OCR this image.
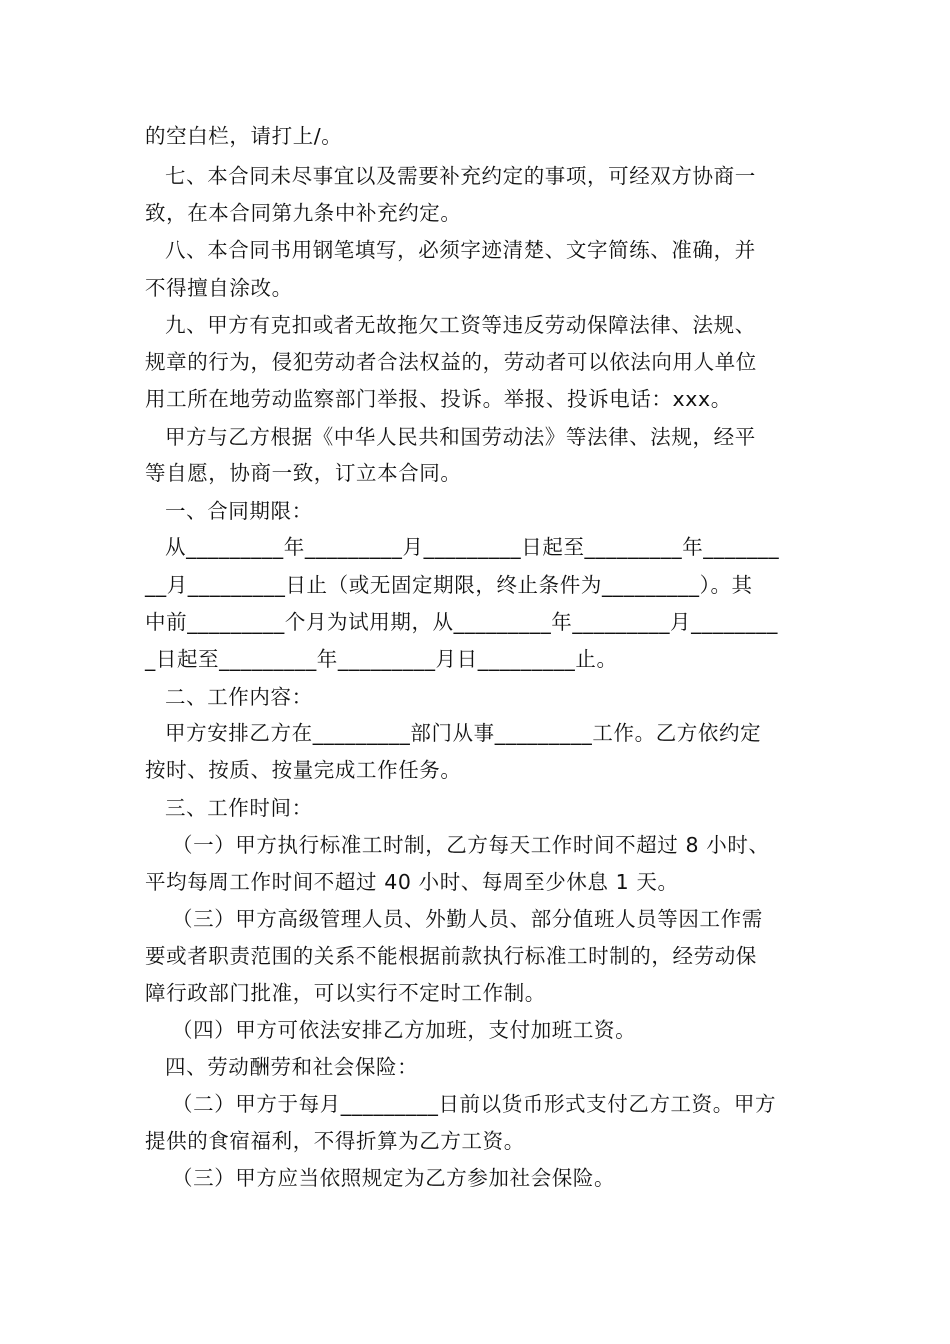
的空白栏，请打上/。
七、本合同未尽事宜以及需要补充约定的事项，可经双方协商一
致，在本合同第九条中补充约定。
八、本合同书用钢笔填写，必须字迹清楚、文字简练、准确，并
不得擅自涂改。
九、甲方有克扣或者无故拖欠工资等违反劳动保障法律、法规、
规章的行为，侵犯劳动者合法权益的，劳动者可以依法向用人单位
用工所在地劳动监察部门举报、投诉。举报、投诉电话：xxx。
甲方与乙方根据《中华人民共和国劳动法》等法律、法规，经平
等自愿，协商一致，订立本合同。
一、合同期限：
从_________年_________月_________日起至_________年_______
__月_________日止（或无固定期限，终止条件为_________）。其
中前_________个月为试用期，从_________年_________月________
_日起至_________年_________月日_________止。
二、工作内容：
甲方安排乙方在_________部门从事_________工作。乙方依约定
按时、按质、按量完成工作任务。
三、工作时间：
（一）甲方执行标准工时制，乙方每天工作时间不超过 8 小时、
平均每周工作时间不超过 40 小时、每周至少休息 1 天。
（三）甲方高级管理人员、外勤人员、部分值班人员等因工作需
要或者职责范围的关系不能根据前款执行标准工时制的，经劳动保
障行政部门批准，可以实行不定时工作制。
（四）甲方可依法安排乙方加班，支付加班工资。
四、劳动酬劳和社会保险：
（二）甲方于每月_________日前以货币形式支付乙方工资。甲方
提供的食宿福利，不得折算为乙方工资。
（三）甲方应当依照规定为乙方参加社会保险。
